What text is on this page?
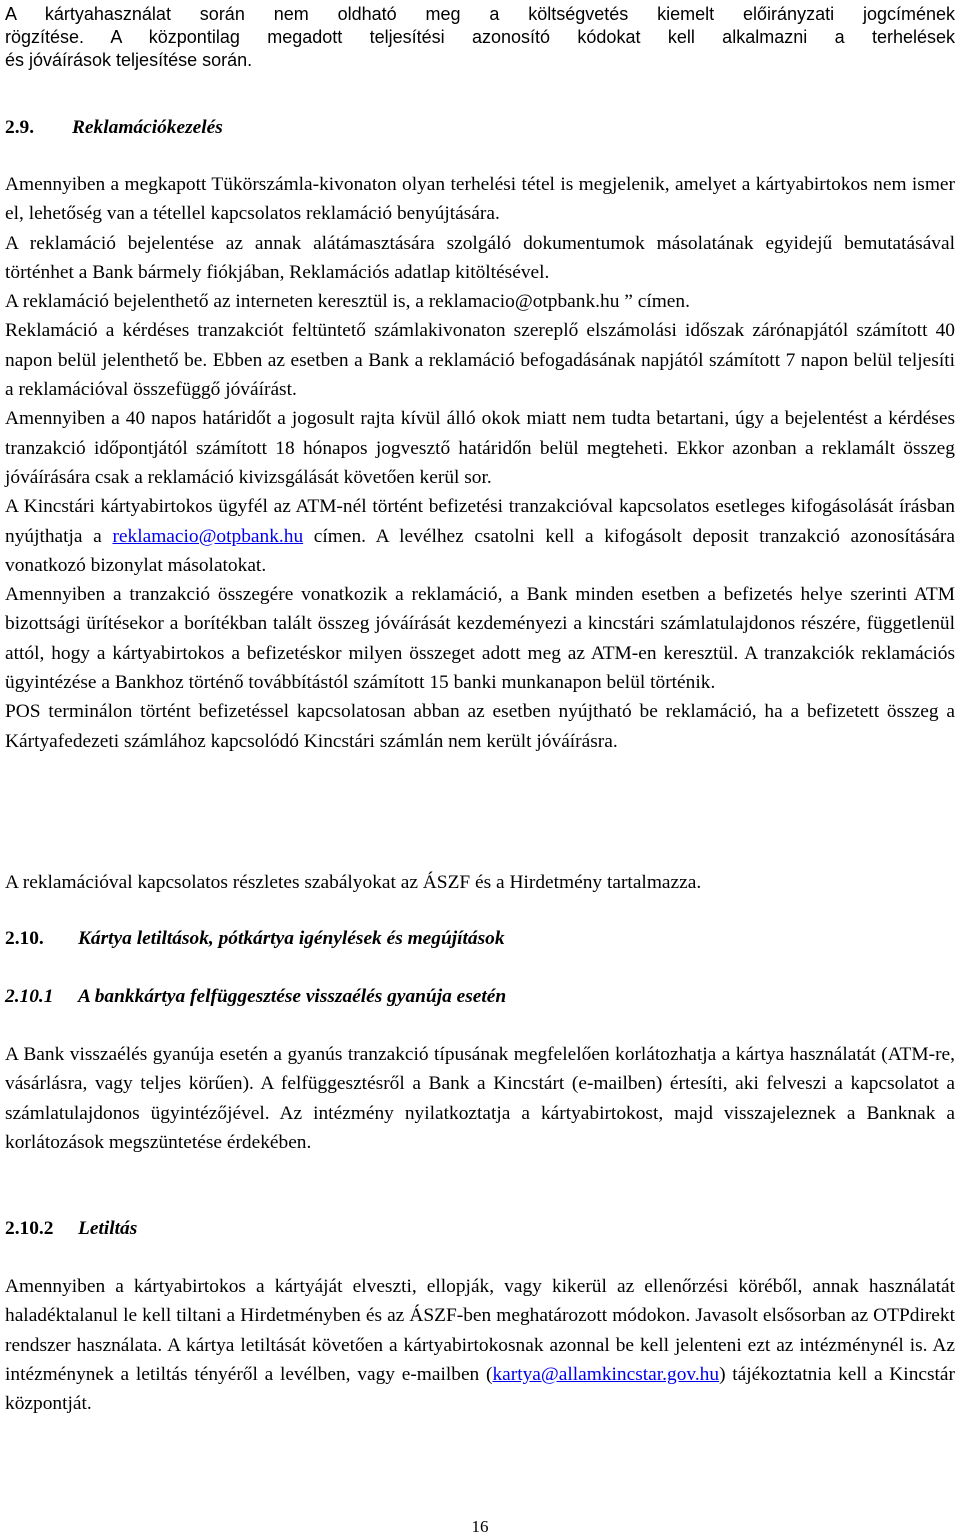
A kártyahasználat során nem oldható meg a költségvetés kiemelt előirányzati jogcímének
rögzítése. A központilag megadott teljesítési azonosító kódokat kell alkalmazni a terhelések
és jóváírások teljesítése során.
2.9. Reklamációkezelés

Amennyiben a megkapott Tükörszámla-kivonaton olyan terhelési tétel is megjelenik, amelyet a kártyabirtokos nem ismer el, lehetőség van a tétellel kapcsolatos reklamáció benyújtására.

A reklamáció bejelentése az annak alátámasztására szolgáló dokumentumok másolatának egyidejű bemutatásával történhet a Bank bármely fiókjában, Reklamációs adatlap kitöltésével.

A reklamáció bejelenthető az interneten keresztül is, a reklamacio@otpbank.hu ” címen.

Reklamáció a kérdéses tranzakciót feltüntető számlakivonaton szereplő elszámolási időszak zárónapjától számított 40 napon belül jelenthető be. Ebben az esetben a Bank a reklamáció befogadásának napjától számított 7 napon belül teljesíti a reklamációval összefüggő jóváírást.

Amennyiben a 40 napos határidőt a jogosult rajta kívül álló okok miatt nem tudta betartani, úgy a bejelentést a kérdéses tranzakció időpontjától számított 18 hónapos jogvesztő határidőn belül megteheti. Ekkor azonban a reklamált összeg jóváírására csak a reklamáció kivizsgálását követően kerül sor.

A Kincstári kártyabirtokos ügyfél az ATM-nél történt befizetési tranzakcióval kapcsolatos esetleges kifogásolását írásban nyújthatja a reklamacio@otpbank.hu címen. A levélhez csatolni kell a kifogásolt deposit tranzakció azonosítására vonatkozó bizonylat másolatokat.

Amennyiben a tranzakció összegére vonatkozik a reklamáció, a Bank minden esetben a befizetés helye szerinti ATM bizottsági ürítésekor a borítékban talált összeg jóváírását kezdeményezi a kincstári számlatulajdonos részére, függetlenül attól, hogy a kártyabirtokos a befizetéskor milyen összeget adott meg az ATM-en keresztül. A tranzakciók reklamációs ügyintézése a Bankhoz történő továbbítástól számított 15 banki munkanapon belül történik.

POS terminálon történt befizetéssel kapcsolatosan abban az esetben nyújtható be reklamáció, ha a befizetett összeg a Kártyafedezeti számlához kapcsolódó Kincstári számlán nem került jóváírásra.

A reklamációval kapcsolatos részletes szabályokat az ÁSZF és a Hirdetmény tartalmazza.

2.10. Kártya letiltások, pótkártya igénylések és megújítások
2.10.1 A bankkártya felfüggesztése visszaélés gyanúja esetén

A Bank visszaélés gyanúja esetén a gyanús tranzakció típusának megfelelően korlátozhatja a kártya használatát (ATM-re, vásárlásra, vagy teljes körűen). A felfüggesztésről a Bank a Kincstárt (e-mailben) értesíti, aki felveszi a kapcsolatot a számlatulajdonos ügyintézőjével. Az intézmény nyilatkoztatja a kártyabirtokost, majd visszajeleznek a Banknak a korlátozások megszüntetése érdekében.

2.10.2 Letiltás

Amennyiben a kártyabirtokos a kártyáját elveszti, ellopják, vagy kikerül az ellenőrzési köréből, annak használatát haladéktalanul le kell tiltani a Hirdetményben és az ÁSZF-ben meghatározott módokon. Javasolt elsősorban az OTPdirekt rendszer használata. A kártya letiltását követően a kártyabirtokosnak azonnal be kell jelenteni ezt az intézménynél is. Az intézménynek a letiltás tényéről a levélben, vagy e-mailben (kartya@allamkincstar.gov.hu) tájékoztatnia kell a Kincstár központját.

16
